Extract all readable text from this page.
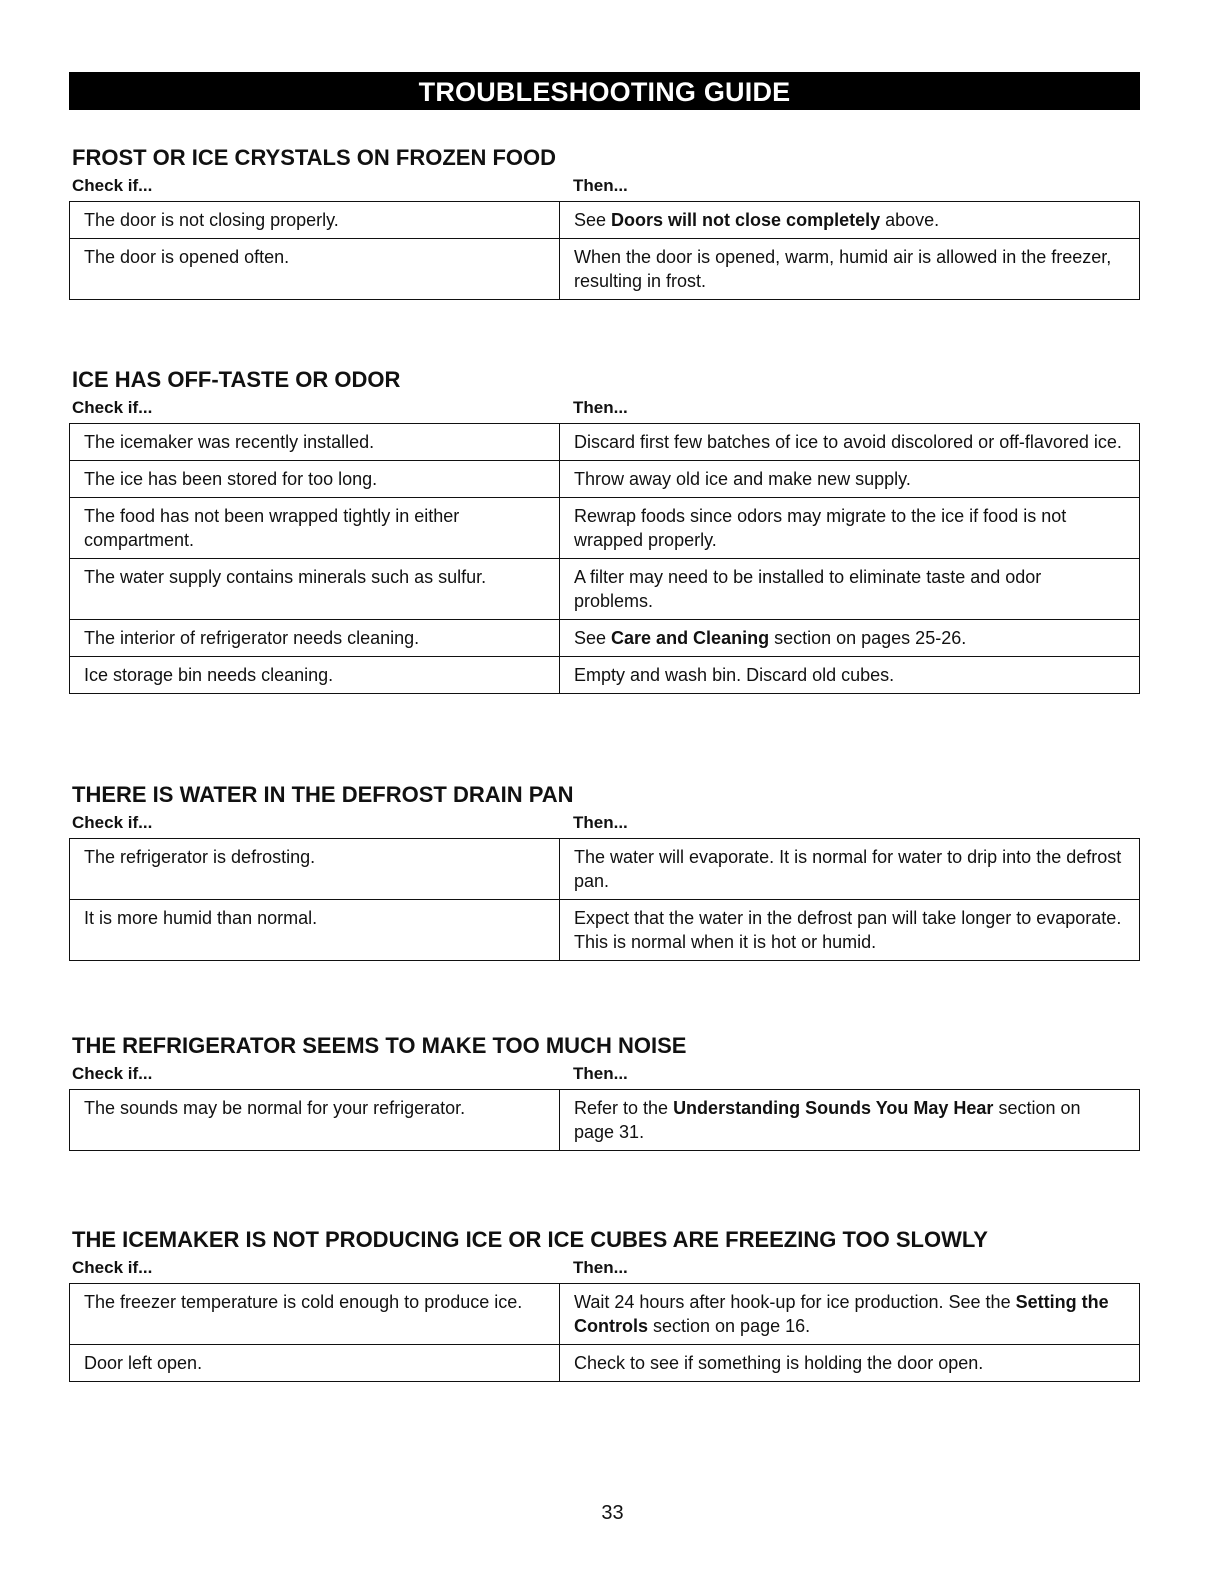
TROUBLESHOOTING GUIDE
FROST OR ICE CRYSTALS ON FROZEN FOOD
Check if...	Then...
The door is not closing properly.	See Doors will not close completely above.
The door is opened often.	When the door is opened, warm, humid air is allowed in the freezer, resulting in frost.
ICE HAS OFF-TASTE OR ODOR
Check if...	Then...
The icemaker was recently installed.	Discard first few batches of ice to avoid discolored or off-flavored ice.
The ice has been stored for too long.	Throw away old ice and make new supply.
The food has not been wrapped tightly in either compartment.	Rewrap foods since odors may migrate to the ice if food is not wrapped properly.
The water supply contains minerals such as sulfur.	A filter may need to be installed to eliminate taste and odor problems.
The interior of refrigerator needs cleaning.	See Care and Cleaning section on pages 25-26.
Ice storage bin needs cleaning.	Empty and wash bin. Discard old cubes.
THERE IS WATER IN THE DEFROST DRAIN PAN
Check if...	Then...
The refrigerator is defrosting.	The water will evaporate. It is normal for water to drip into the defrost pan.
It is more humid than normal.	Expect that the water in the defrost pan will take longer to evaporate. This is normal when it is hot or humid.
THE REFRIGERATOR SEEMS TO MAKE TOO MUCH NOISE
Check if...	Then...
The sounds may be normal for your refrigerator.	Refer to the Understanding Sounds You May Hear section on page 31.
THE ICEMAKER IS NOT PRODUCING ICE OR ICE CUBES ARE FREEZING TOO SLOWLY
Check if...	Then...
The freezer temperature is cold enough to produce ice.	Wait 24 hours after hook-up for ice production. See the Setting the Controls section on page 16.
Door left open.	Check to see if something is holding the door open.
33
